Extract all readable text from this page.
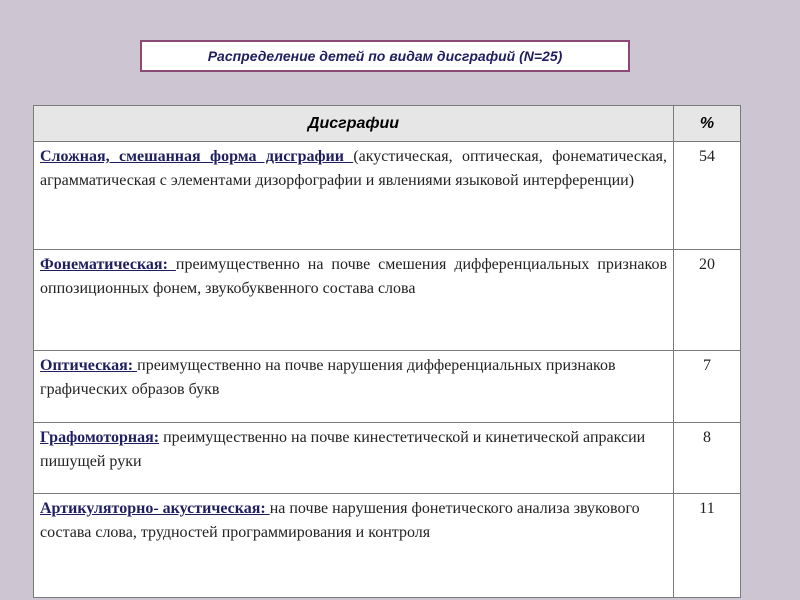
Распределение детей по видам дисграфий (N=25)
Дисграфии	%
Сложная, смешанная форма дисграфии (акустическая, оптическая, фонематическая, аграмматическая с элементами дизорфографии и явлениями языковой интерференции)	54
Фонематическая: преимущественно на почве смешения дифференциальных признаков оппозиционных фонем, звукобуквенного состава слова	20
Оптическая: преимущественно на почве нарушения дифференциальных признаков графических образов букв	7
Графомоторная: преимущественно на почве кинестетической и кинетической апраксии пишущей руки	8
Артикуляторно- акустическая: на почве нарушения фонетического анализа звукового состава слова, трудностей программирования и контроля	11
